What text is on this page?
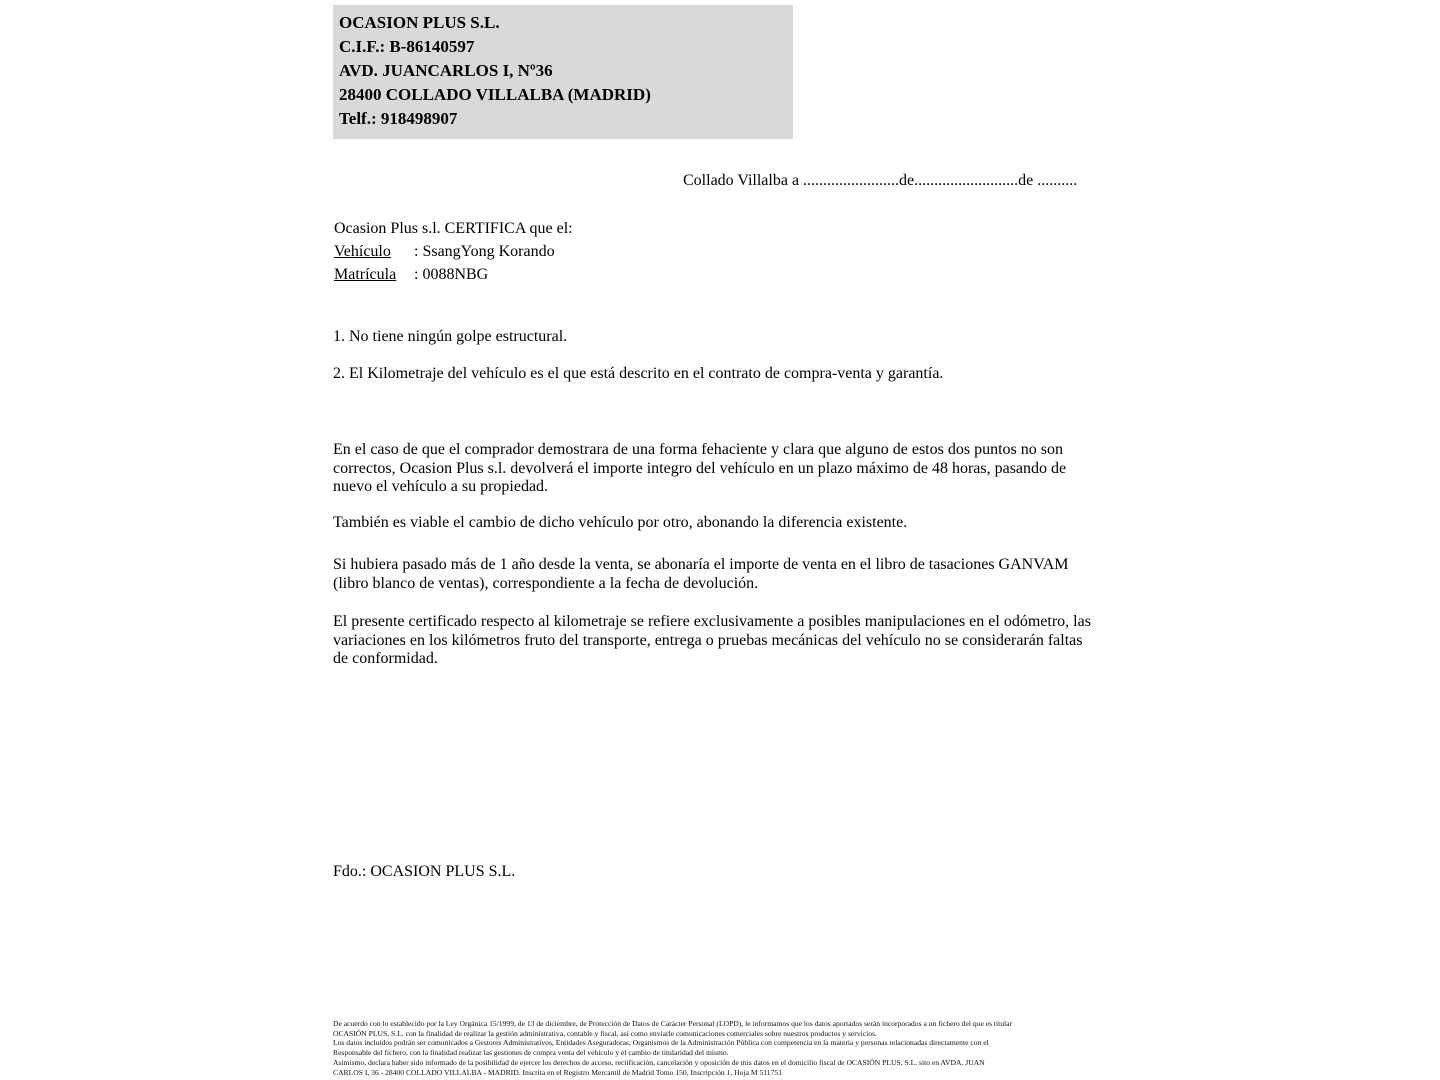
OCASION PLUS S.L.
C.I.F.: B-86140597
AVD. JUANCARLOS I, Nº36
28400 COLLADO VILLALBA (MADRID)
Telf.: 918498907
Collado Villalba a ........................de..........................de ..........
Ocasion Plus s.l. CERTIFICA que el:
Vehículo : SsangYong Korando
Matrícula : 0088NBG
1. No tiene ningún golpe estructural.
2. El Kilometraje del vehículo es el que está descrito en el contrato de compra-venta y garantía.
En el caso de que el comprador demostrara de una forma fehaciente y clara que alguno de estos dos puntos no son correctos, Ocasion Plus s.l. devolverá el importe integro del vehículo en un plazo máximo de 48 horas, pasando de nuevo el vehículo a su propiedad.
También es viable el cambio de dicho vehículo por otro, abonando la diferencia existente.
Si hubiera pasado más de 1 año desde la venta, se abonaría el importe de venta en el libro de tasaciones GANVAM (libro blanco de ventas), correspondiente a la fecha de devolución.
El presente certificado respecto al kilometraje se refiere exclusivamente a posibles manipulaciones en el odómetro, las variaciones en los kilómetros fruto del transporte, entrega o pruebas mecánicas del vehículo no se considerarán faltas de conformidad.
Fdo.: OCASION PLUS S.L.
De acuerdo con lo establecido por la Ley Orgánica 15/1999, de 13 de diciembre, de Protección de Datos de Carácter Personal (LOPD), le informamos que los datos aportados serán incorporados a un fichero del que es titular
OCASIÓN PLUS, S.L. con la finalidad de realizar la gestión administrativa, contable y fiscal, así como enviarle comunicaciones comerciales sobre nuestros productos y servicios.
Los datos incluidos podrán ser comunicados a Gestores Administrativos, Entidades Aseguradoras, Organismos de la Administración Pública con competencia en la materia y personas relacionadas directamente con el
Responsable del fichero, con la finalidad realizar las gestiones de compra venta del vehículo y el cambio de titularidad del mismo.
Asimismo, declara haber sido informado de la posibilidad de ejercer los derechos de acceso, rectificación, cancelación y oposición de mis datos en el domicilio fiscal de OCASIÓN PLUS, S.L. sito en AVDA. JUAN
CARLOS I, 36 - 28400 COLLADO VILLALBA - MADRID. Inscrita en el Registro Mercantil de Madrid Tomo 150, Inscripción 1, Hoja M 511751
